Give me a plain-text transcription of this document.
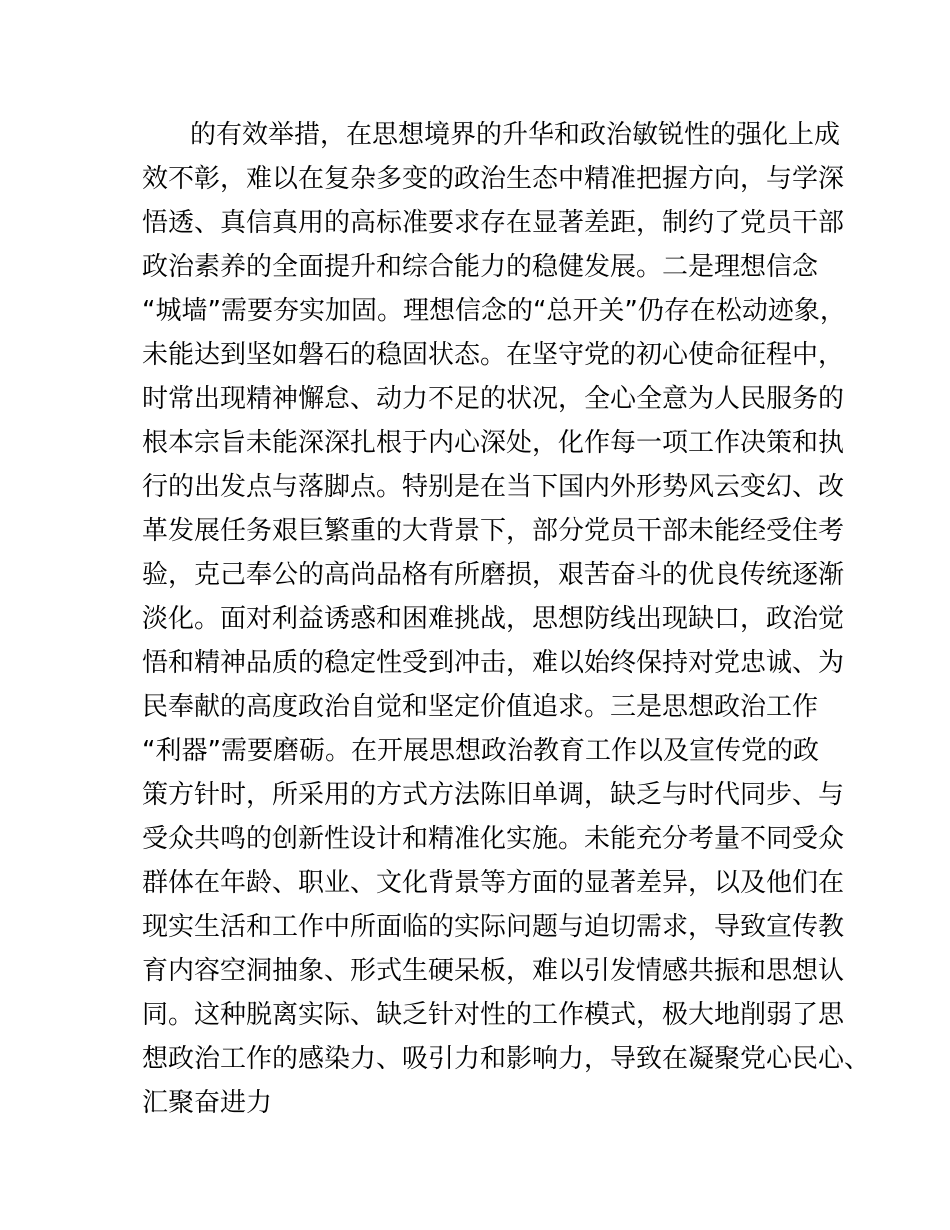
的有效举措，在思想境界的升华和政治敏锐性的强化上成
效不彰，难以在复杂多变的政治生态中精准把握方向，与学深
悟透、真信真用的高标准要求存在显著差距，制约了党员干部
政治素养的全面提升和综合能力的稳健发展。二是理想信念
“城墙”需要夯实加固。理想信念的“总开关”仍存在松动迹象，
未能达到坚如磐石的稳固状态。在坚守党的初心使命征程中，
时常出现精神懈怠、动力不足的状况，全心全意为人民服务的
根本宗旨未能深深扎根于内心深处，化作每一项工作决策和执
行的出发点与落脚点。特别是在当下国内外形势风云变幻、改
革发展任务艰巨繁重的大背景下，部分党员干部未能经受住考
验，克己奉公的高尚品格有所磨损，艰苦奋斗的优良传统逐渐
淡化。面对利益诱惑和困难挑战，思想防线出现缺口，政治觉
悟和精神品质的稳定性受到冲击，难以始终保持对党忠诚、为
民奉献的高度政治自觉和坚定价值追求。三是思想政治工作
“利器”需要磨砺。在开展思想政治教育工作以及宣传党的政
策方针时，所采用的方式方法陈旧单调，缺乏与时代同步、与
受众共鸣的创新性设计和精准化实施。未能充分考量不同受众
群体在年龄、职业、文化背景等方面的显著差异，以及他们在
现实生活和工作中所面临的实际问题与迫切需求，导致宣传教
育内容空洞抽象、形式生硬呆板，难以引发情感共振和思想认
同。这种脱离实际、缺乏针对性的工作模式，极大地削弱了思
想政治工作的感染力、吸引力和影响力，导致在凝聚党心民心、
汇聚奋进力
